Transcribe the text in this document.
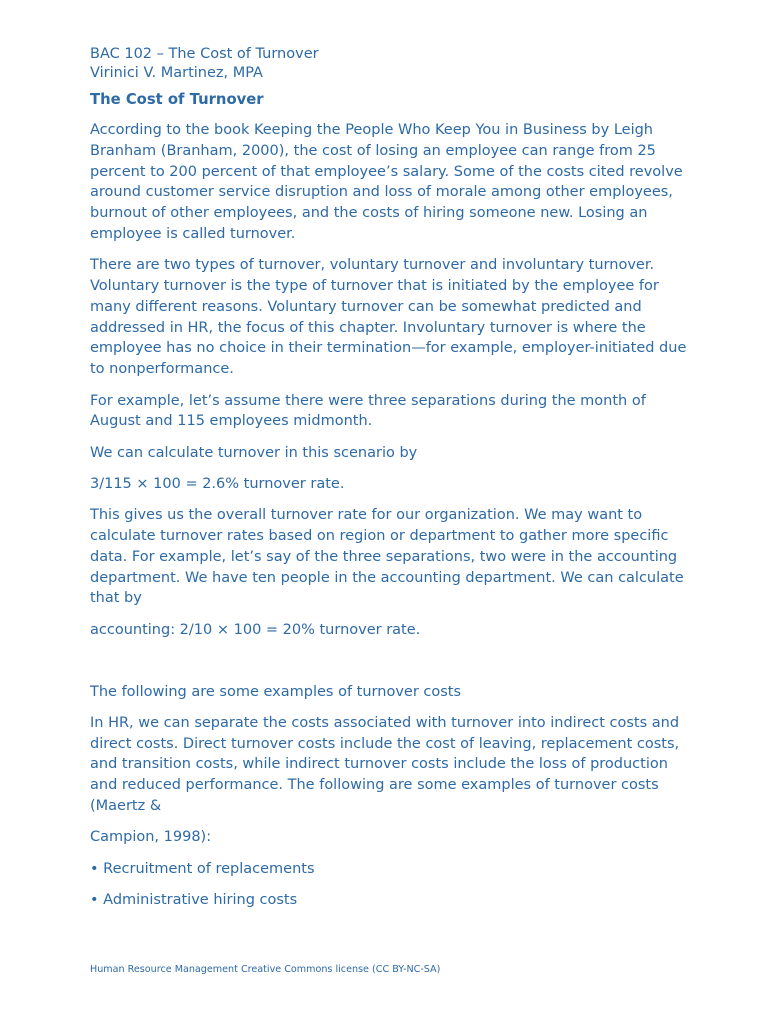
BAC 102 – The Cost of Turnover

Virinici V. Martinez, MPA

The Cost of Turnover

According to the book Keeping the People Who Keep You in Business by Leigh Branham (Branham, 2000), the cost of losing an employee can range from 25 percent to 200 percent of that employee’s salary. Some of the costs cited revolve around customer service disruption and loss of morale among other employees, burnout of other employees, and the costs of hiring someone new. Losing an employee is called turnover.

There are two types of turnover, voluntary turnover and involuntary turnover. Voluntary turnover is the type of turnover that is initiated by the employee for many different reasons. Voluntary turnover can be somewhat predicted and addressed in HR, the focus of this chapter. Involuntary turnover is where the employee has no choice in their termination—for example, employer-initiated due to nonperformance.

For example, let’s assume there were three separations during the month of August and 115 employees midmonth.

We can calculate turnover in this scenario by

3/115 × 100 = 2.6% turnover rate.

This gives us the overall turnover rate for our organization. We may want to calculate turnover rates based on region or department to gather more specific data. For example, let’s say of the three separations, two were in the accounting department. We have ten people in the accounting department. We can calculate that by

accounting: 2/10 × 100 = 20% turnover rate.

The following are some examples of turnover costs

In HR, we can separate the costs associated with turnover into indirect costs and direct costs. Direct turnover costs include the cost of leaving, replacement costs, and transition costs, while indirect turnover costs include the loss of production and reduced performance. The following are some examples of turnover costs (Maertz &

Campion, 1998):

• Recruitment of replacements

• Administrative hiring costs

Human Resource Management Creative Commons license (CC BY-NC-SA)
